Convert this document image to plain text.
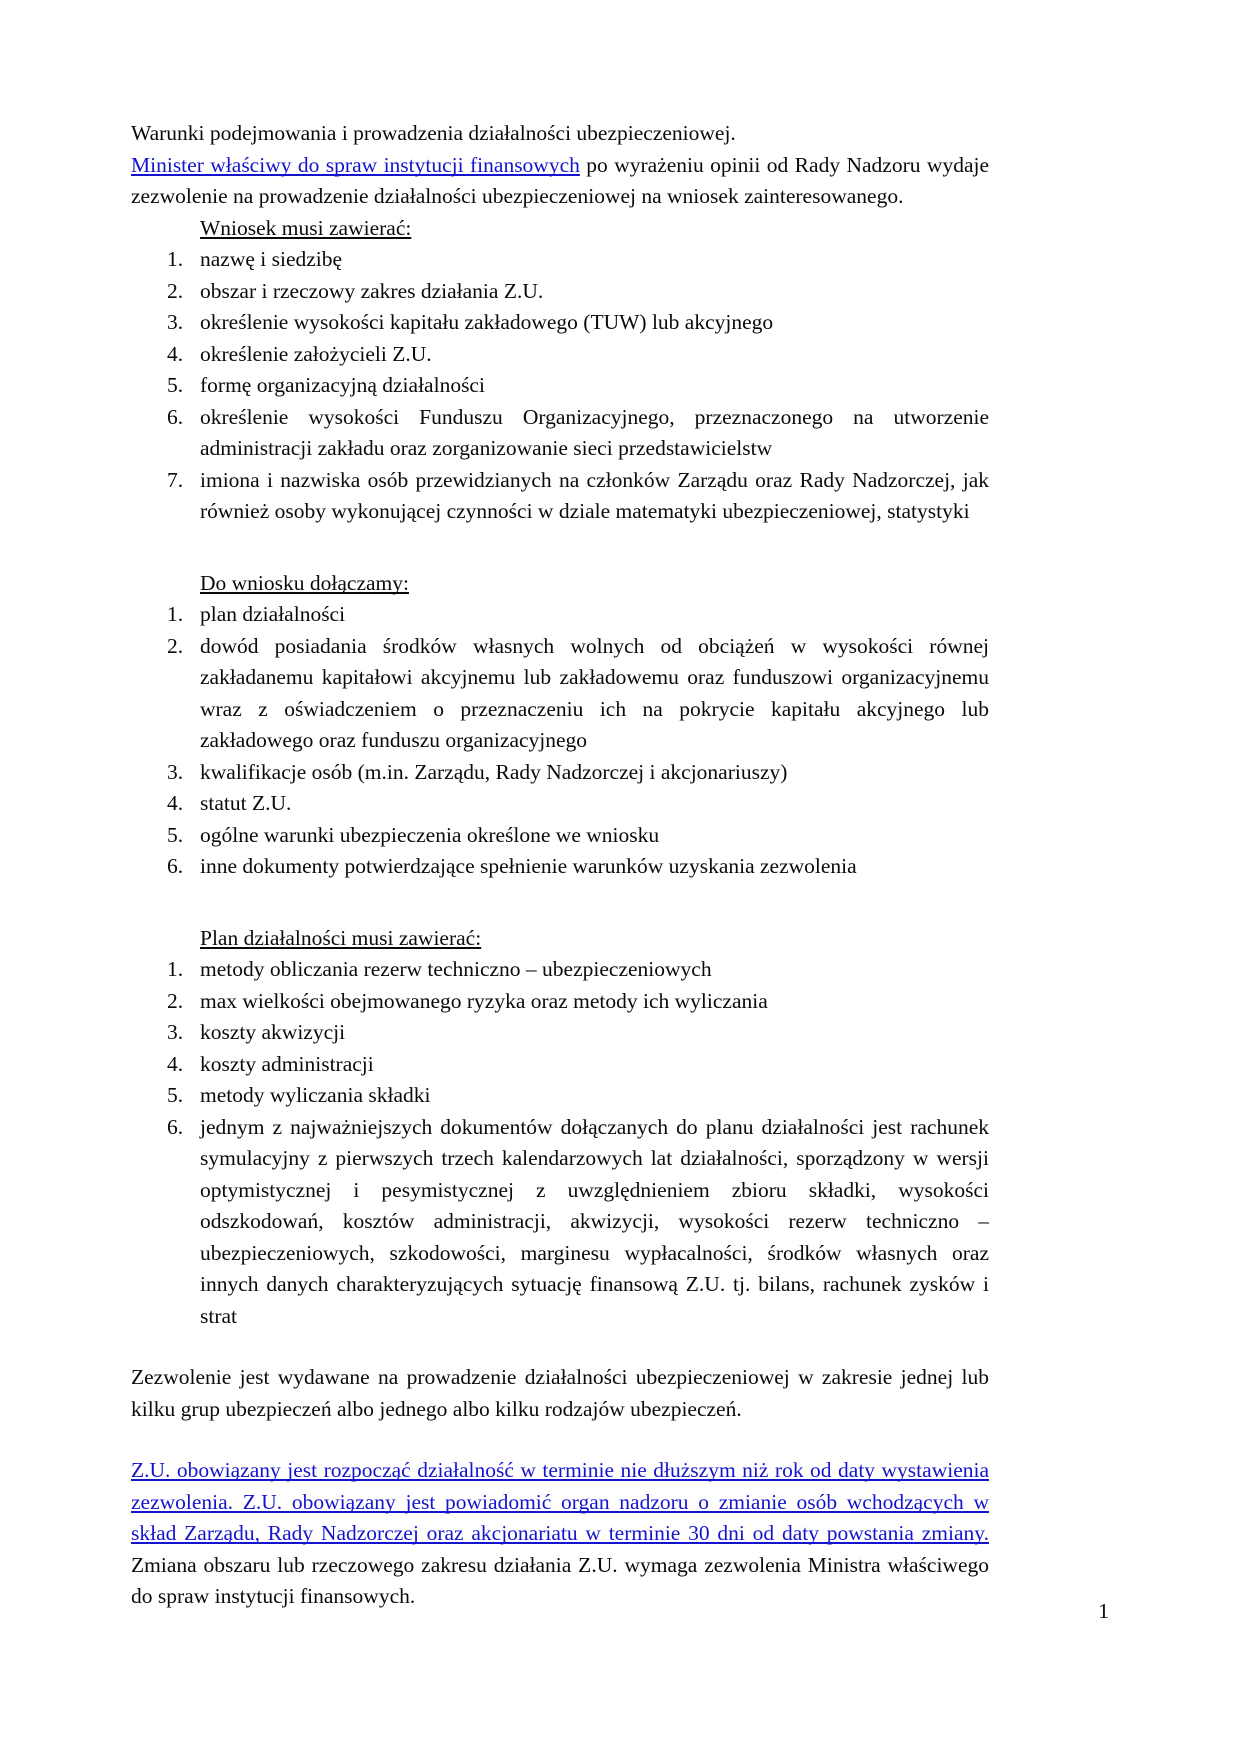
Warunki podejmowania i prowadzenia działalności ubezpieczeniowej.

Minister właściwy do spraw instytucji finansowych po wyrażeniu opinii od Rady Nadzoru wydaje zezwolenie na prowadzenie działalności ubezpieczeniowej na wniosek zainteresowanego.

Wniosek musi zawierać:
nazwę i siedzibę
obszar i rzeczowy zakres działania Z.U.
określenie wysokości kapitału zakładowego (TUW) lub akcyjnego
określenie założycieli Z.U.
formę organizacyjną działalności
określenie wysokości Funduszu Organizacyjnego, przeznaczonego na utworzenie administracji zakładu oraz zorganizowanie sieci przedstawicielstw
imiona i nazwiska osób przewidzianych na członków Zarządu oraz Rady Nadzorczej, jak również osoby wykonującej czynności w dziale matematyki ubezpieczeniowej, statystyki
Do wniosku dołączamy:
plan działalności
dowód posiadania środków własnych wolnych od obciążeń w wysokości równej zakładanemu kapitałowi akcyjnemu lub zakładowemu oraz funduszowi organizacyjnemu wraz z oświadczeniem o przeznaczeniu ich na pokrycie kapitału akcyjnego lub zakładowego oraz funduszu organizacyjnego
kwalifikacje osób (m.in. Zarządu, Rady Nadzorczej i akcjonariuszy)
statut Z.U.
ogólne warunki ubezpieczenia określone we wniosku
inne dokumenty potwierdzające spełnienie warunków uzyskania zezwolenia
Plan działalności musi zawierać:
metody obliczania rezerw techniczno – ubezpieczeniowych
max wielkości obejmowanego ryzyka oraz metody ich wyliczania
koszty akwizycji
koszty administracji
metody wyliczania składki
jednym z najważniejszych dokumentów dołączanych do planu działalności jest rachunek symulacyjny z pierwszych trzech kalendarzowych lat działalności, sporządzony w wersji optymistycznej i pesymistycznej z uwzględnieniem zbioru składki, wysokości odszkodowań, kosztów administracji, akwizycji, wysokości rezerw techniczno – ubezpieczeniowych, szkodowości, marginesu wypłacalności, środków własnych oraz innych danych charakteryzujących sytuację finansową Z.U. tj. bilans, rachunek zysków i strat

Zezwolenie jest wydawane na prowadzenie działalności ubezpieczeniowej w zakresie jednej lub kilku grup ubezpieczeń albo jednego albo kilku rodzajów ubezpieczeń.

Z.U. obowiązany jest rozpocząć działalność w terminie nie dłuższym niż rok od daty wystawienia zezwolenia. Z.U. obowiązany jest powiadomić organ nadzoru o zmianie osób wchodzących w skład Zarządu, Rady Nadzorczej oraz akcjonariatu w terminie 30 dni od daty powstania zmiany. Zmiana obszaru lub rzeczowego zakresu działania Z.U. wymaga zezwolenia Ministra właściwego do spraw instytucji finansowych.

1
